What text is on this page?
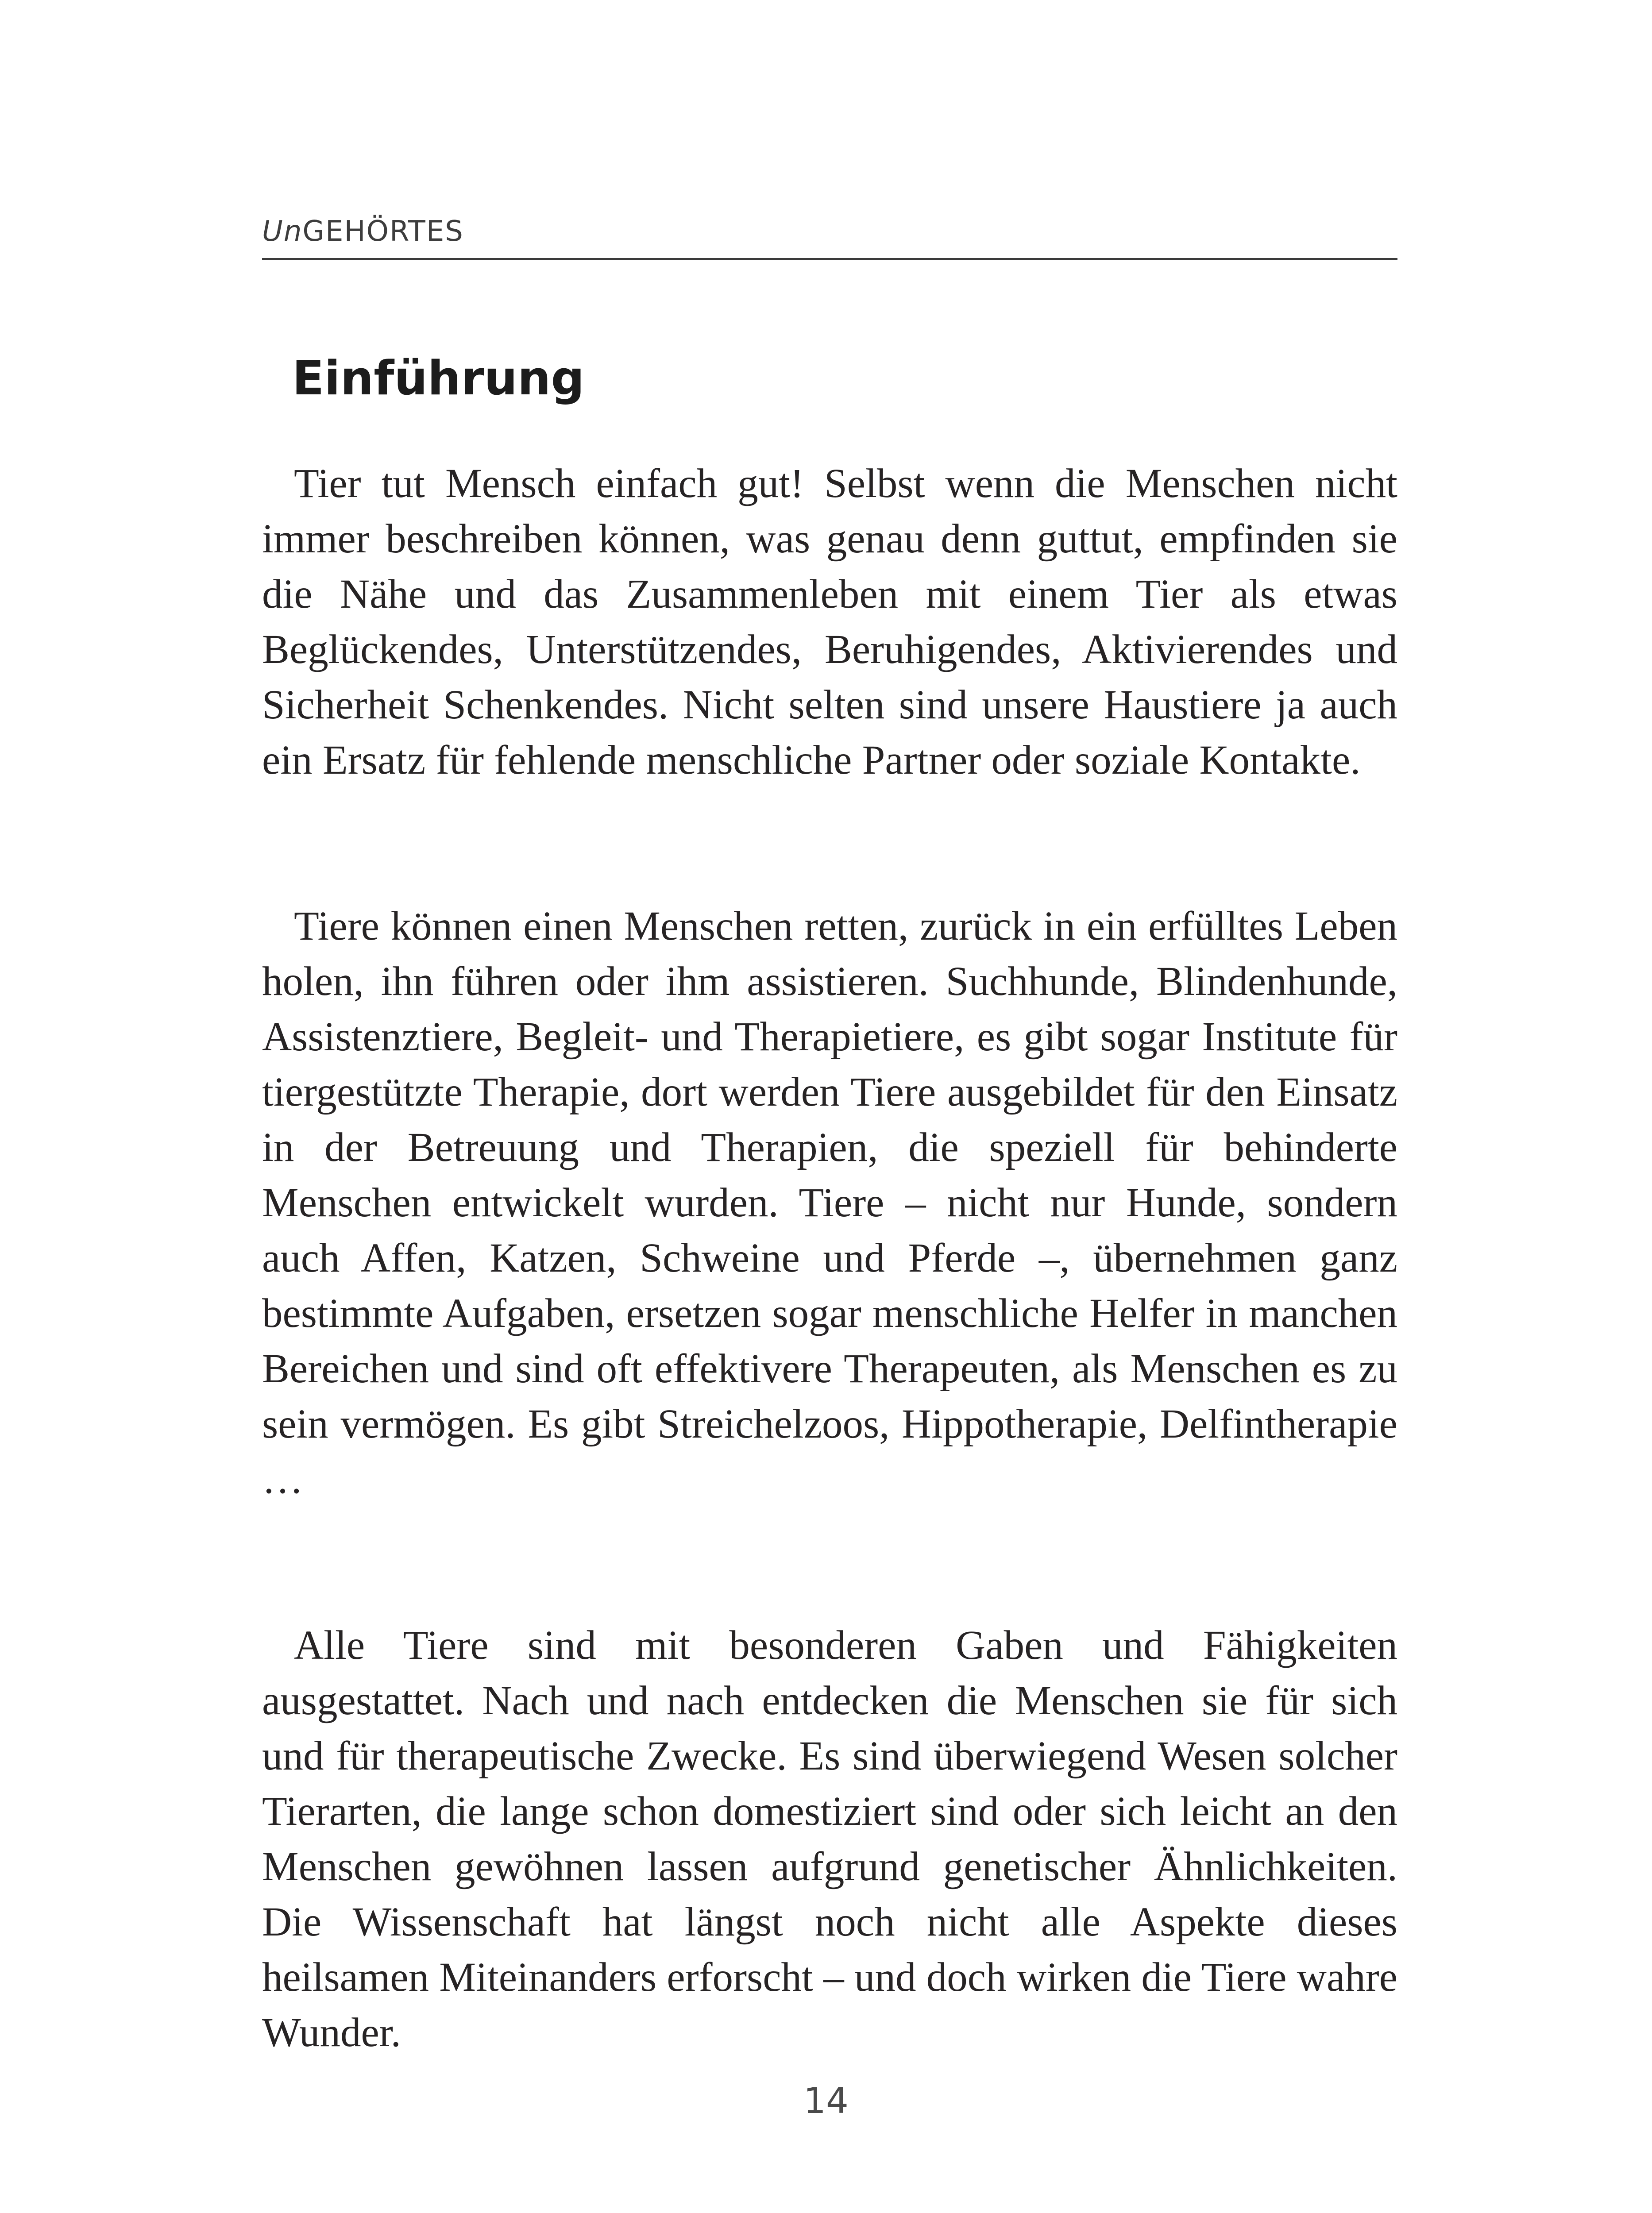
UnGEHÖRTES
Einführung

Tier tut Mensch einfach gut! Selbst wenn die Menschen nicht immer beschreiben können, was genau denn guttut, empfinden sie die Nähe und das Zusammenleben mit einem Tier als etwas Beglückendes, Unterstützendes, Beruhigendes, Aktivierendes und Sicherheit Schenkendes. Nicht selten sind unsere Haustiere ja auch ein Ersatz für fehlende menschliche Partner oder soziale Kontakte.

Tiere können einen Menschen retten, zurück in ein erfülltes Leben holen, ihn führen oder ihm assistieren. Suchhunde, Blindenhunde, Assistenztiere, Begleit- und Therapietiere, es gibt sogar Institute für tiergestützte Therapie, dort werden Tiere ausgebildet für den Einsatz in der Betreuung und Therapien, die speziell für behinderte Menschen entwickelt wurden. Tiere – nicht nur Hunde, sondern auch Affen, Katzen, Schweine und Pferde –, übernehmen ganz bestimmte Aufgaben, ersetzen sogar menschliche Helfer in manchen Bereichen und sind oft effektivere Therapeuten, als Menschen es zu sein vermögen. Es gibt Streichelzoos, Hippotherapie, Delfintherapie …

Alle Tiere sind mit besonderen Gaben und Fähigkeiten ausgestattet. Nach und nach entdecken die Menschen sie für sich und für therapeutische Zwecke. Es sind überwiegend Wesen solcher Tierarten, die lange schon domestiziert sind oder sich leicht an den Menschen gewöhnen lassen aufgrund genetischer Ähnlichkeiten. Die Wissenschaft hat längst noch nicht alle Aspekte dieses heilsamen Miteinanders erforscht – und doch wirken die Tiere wahre Wunder.

14
